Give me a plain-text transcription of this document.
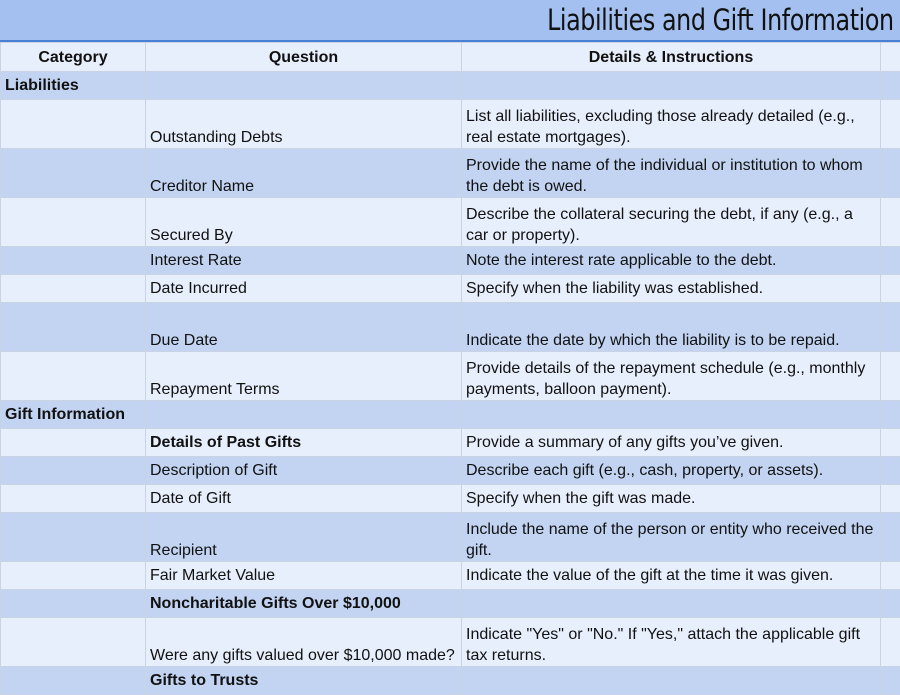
Liabilities and Gift Information
Category	Question	Details & Instructions	
Liabilities			
	Outstanding Debts	List all liabilities, excluding those already detailed (e.g., real estate mortgages).	
	Creditor Name	Provide the name of the individual or institution to whom the debt is owed.	
	Secured By	Describe the collateral securing the debt, if any (e.g., a car or property).	
	Interest Rate	Note the interest rate applicable to the debt.	
	Date Incurred	Specify when the liability was established.	
	Due Date	Indicate the date by which the liability is to be repaid.	
	Repayment Terms	Provide details of the repayment schedule (e.g., monthly payments, balloon payment).	
Gift Information			
	Details of Past Gifts	Provide a summary of any gifts you’ve given.	
	Description of Gift	Describe each gift (e.g., cash, property, or assets).	
	Date of Gift	Specify when the gift was made.	
	Recipient	Include the name of the person or entity who received the gift.	
	Fair Market Value	Indicate the value of the gift at the time it was given.	
	Noncharitable Gifts Over $10,000		
	Were any gifts valued over $10,000 made?	Indicate "Yes" or "No." If "Yes," attach the applicable gift tax returns.	
	Gifts to Trusts		
